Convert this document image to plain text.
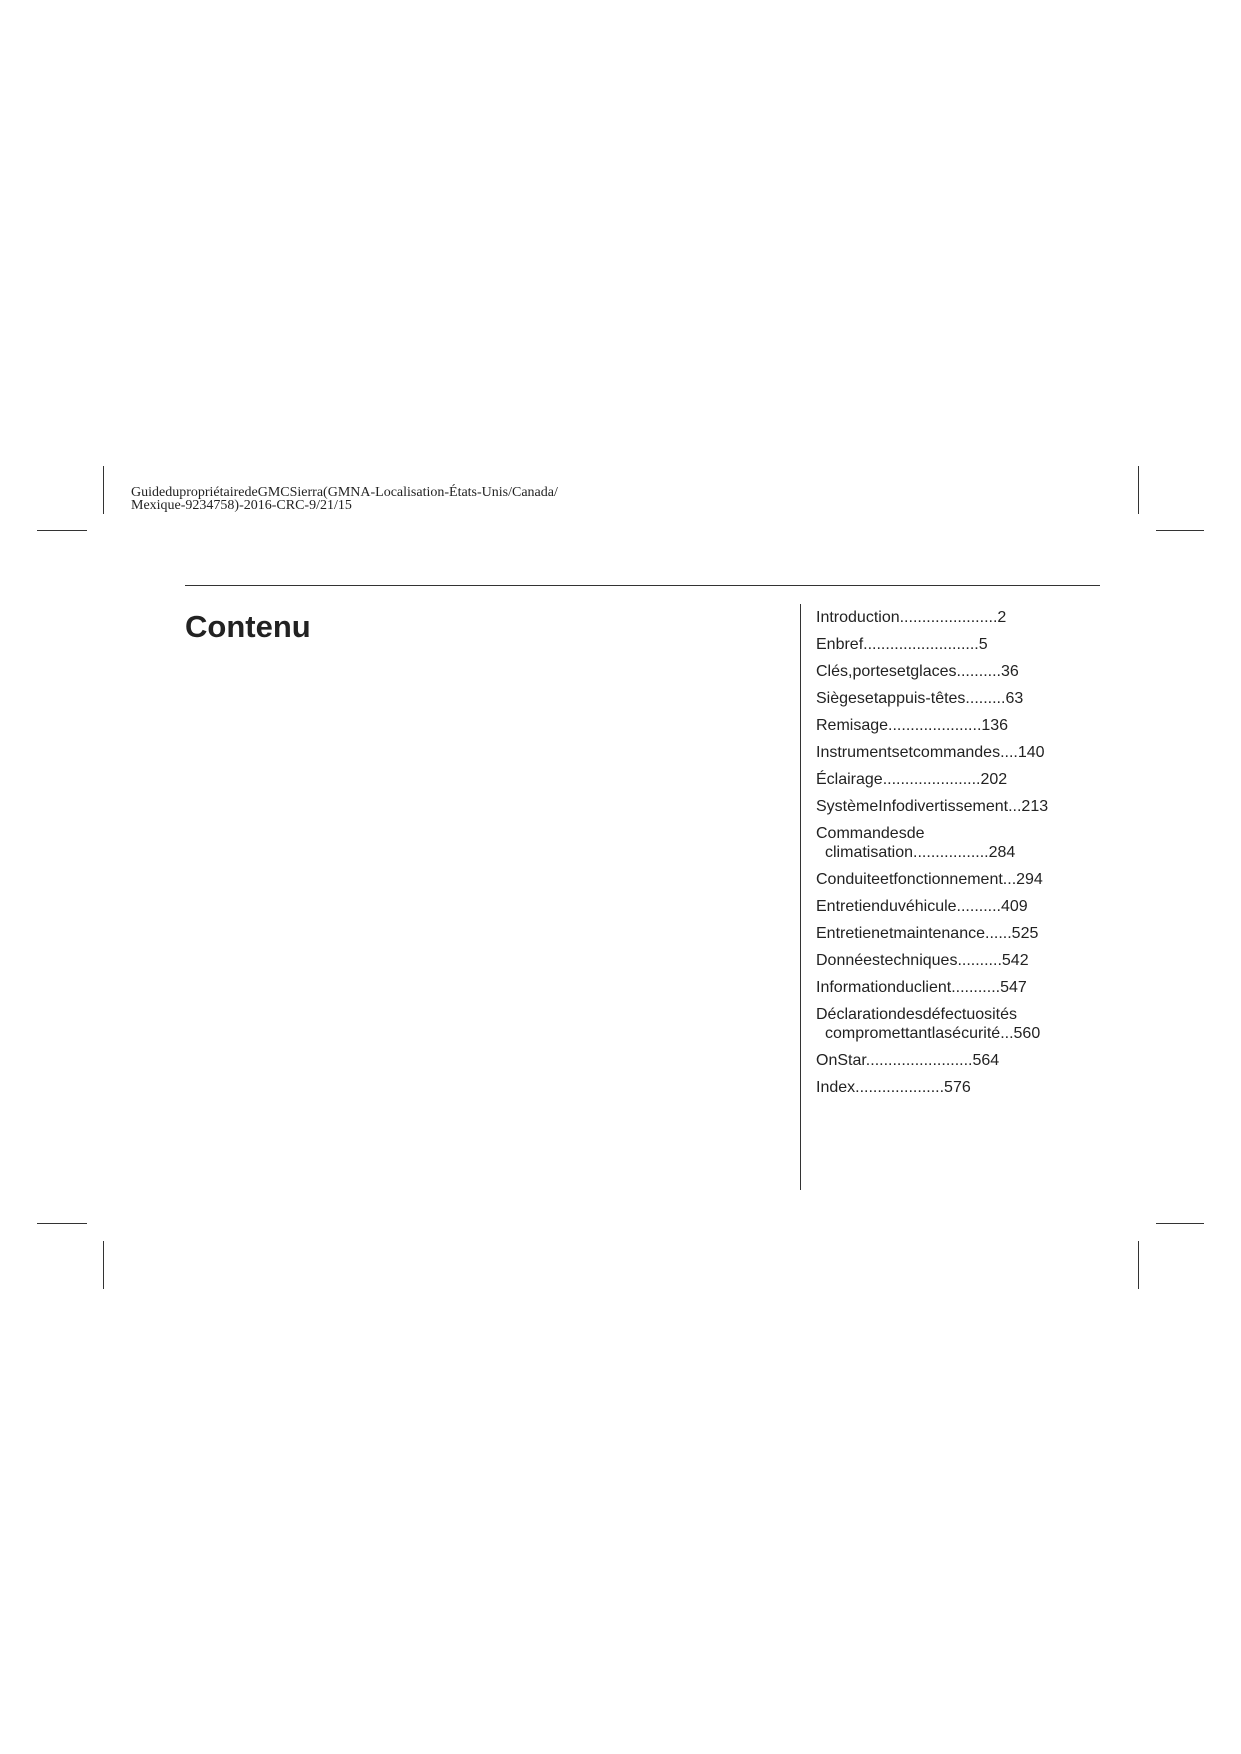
GuidedupropriétairedeGMCSierra(GMNA-Localisation-États-Unis/Canada/
Mexique-9234758)-2016-CRC-9/21/15
Contenu	Introduction......................2
Enbref..........................5
Clés,portesetglaces..........36
Siègesetappuis-têtes.........63
Remisage.....................136
Instrumentsetcommandes....140
Éclairage......................202
SystèmeInfodivertissement...213
Commandesde
climatisation.................284
Conduiteetfonctionnement...294
Entretienduvéhicule..........409
Entretienetmaintenance......525
Donnéestechniques..........542
Informationduclient...........547
Déclarationdesdéfectuosités
compromettantlasécurité...560
OnStar........................564
Index....................576
